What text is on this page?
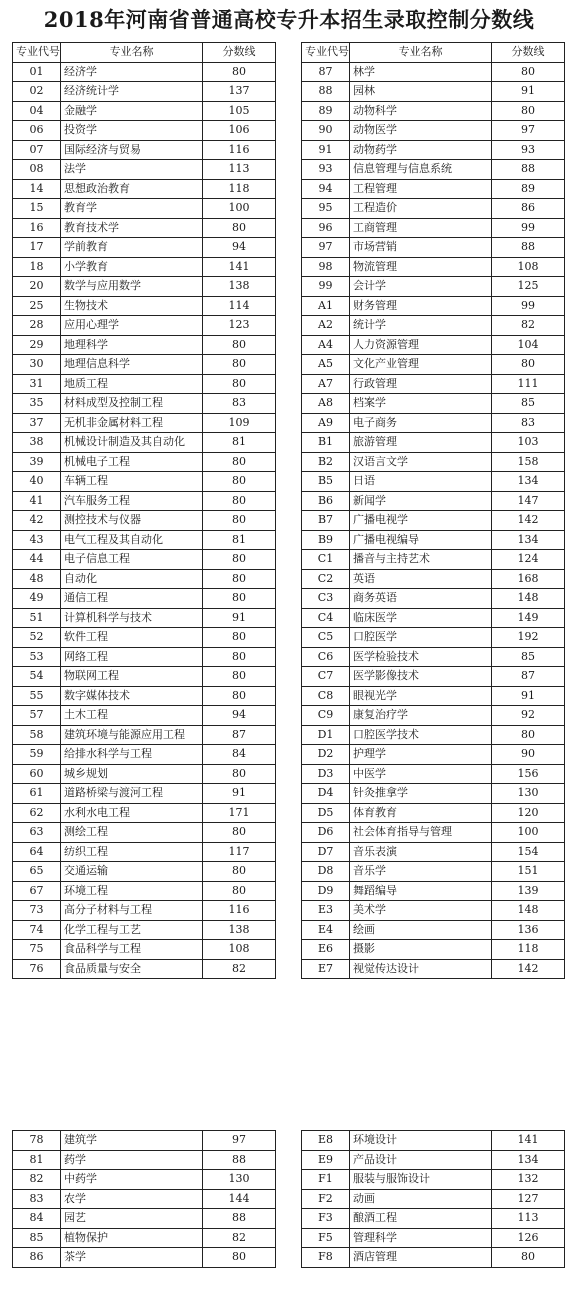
2018年河南省普通高校专升本招生录取控制分数线
专业代号	专业名称	分数线
01	经济学	80
02	经济统计学	137
04	金融学	105
06	投资学	106
07	国际经济与贸易	116
08	法学	113
14	思想政治教育	118
15	教育学	100
16	教育技术学	80
17	学前教育	94
18	小学教育	141
20	数学与应用数学	138
25	生物技术	114
28	应用心理学	123
29	地理科学	80
30	地理信息科学	80
31	地质工程	80
35	材料成型及控制工程	83
37	无机非金属材料工程	109
38	机械设计制造及其自动化	81
39	机械电子工程	80
40	车辆工程	80
41	汽车服务工程	80
42	测控技术与仪器	80
43	电气工程及其自动化	81
44	电子信息工程	80
48	自动化	80
49	通信工程	80
51	计算机科学与技术	91
52	软件工程	80
53	网络工程	80
54	物联网工程	80
55	数字媒体技术	80
57	土木工程	94
58	建筑环境与能源应用工程	87
59	给排水科学与工程	84
60	城乡规划	80
61	道路桥梁与渡河工程	91
62	水利水电工程	171
63	测绘工程	80
64	纺织工程	117
65	交通运输	80
67	环境工程	80
73	高分子材料与工程	116
74	化学工程与工艺	138
75	食品科学与工程	108
76	食品质量与安全	82
专业代号	专业名称	分数线
87	林学	80
88	园林	91
89	动物科学	80
90	动物医学	97
91	动物药学	93
93	信息管理与信息系统	88
94	工程管理	89
95	工程造价	86
96	工商管理	99
97	市场营销	88
98	物流管理	108
99	会计学	125
A1	财务管理	99
A2	统计学	82
A4	人力资源管理	104
A5	文化产业管理	80
A7	行政管理	111
A8	档案学	85
A9	电子商务	83
B1	旅游管理	103
B2	汉语言文学	158
B5	日语	134
B6	新闻学	147
B7	广播电视学	142
B9	广播电视编导	134
C1	播音与主持艺术	124
C2	英语	168
C3	商务英语	148
C4	临床医学	149
C5	口腔医学	192
C6	医学检验技术	85
C7	医学影像技术	87
C8	眼视光学	91
C9	康复治疗学	92
D1	口腔医学技术	80
D2	护理学	90
D3	中医学	156
D4	针灸推拿学	130
D5	体育教育	120
D6	社会体育指导与管理	100
D7	音乐表演	154
D8	音乐学	151
D9	舞蹈编导	139
E3	美术学	148
E4	绘画	136
E6	摄影	118
E7	视觉传达设计	142
78	建筑学	97
81	药学	88
82	中药学	130
83	农学	144
84	园艺	88
85	植物保护	82
86	茶学	80
E8	环境设计	141
E9	产品设计	134
F1	服装与服饰设计	132
F2	动画	127
F3	酿酒工程	113
F5	管理科学	126
F8	酒店管理	80
